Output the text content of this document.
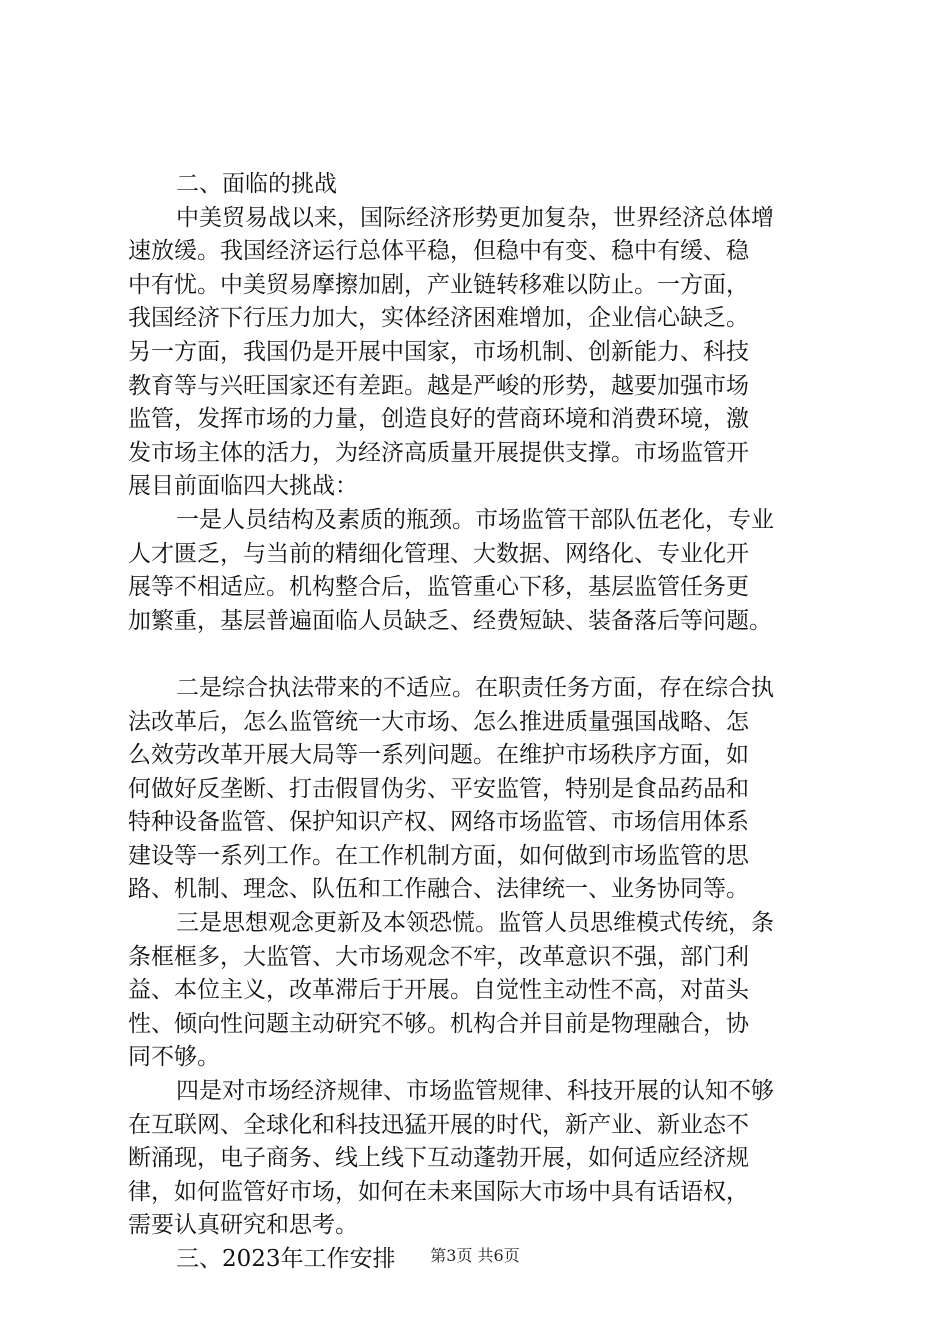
二、面临的挑战
中美贸易战以来，国际经济形势更加复杂，世界经济总体增
速放缓。我国经济运行总体平稳，但稳中有变、稳中有缓、稳
中有忧。中美贸易摩擦加剧，产业链转移难以防止。一方面，
我国经济下行压力加大，实体经济困难增加，企业信心缺乏。
另一方面，我国仍是开展中国家，市场机制、创新能力、科技
教育等与兴旺国家还有差距。越是严峻的形势，越要加强市场
监管，发挥市场的力量，创造良好的营商环境和消费环境，激
发市场主体的活力，为经济高质量开展提供支撑。市场监管开
展目前面临四大挑战：
一是人员结构及素质的瓶颈。市场监管干部队伍老化，专业
人才匮乏，与当前的精细化管理、大数据、网络化、专业化开
展等不相适应。机构整合后，监管重心下移，基层监管任务更
加繁重，基层普遍面临人员缺乏、经费短缺、装备落后等问题。
二是综合执法带来的不适应。在职责任务方面，存在综合执
法改革后，怎么监管统一大市场、怎么推进质量强国战略、怎
么效劳改革开展大局等一系列问题。在维护市场秩序方面，如
何做好反垄断、打击假冒伪劣、平安监管，特别是食品药品和
特种设备监管、保护知识产权、网络市场监管、市场信用体系
建设等一系列工作。在工作机制方面，如何做到市场监管的思
路、机制、理念、队伍和工作融合、法律统一、业务协同等。
三是思想观念更新及本领恐慌。监管人员思维模式传统，条
条框框多，大监管、大市场观念不牢，改革意识不强，部门利
益、本位主义，改革滞后于开展。自觉性主动性不高，对苗头
性、倾向性问题主动研究不够。机构合并目前是物理融合，协
同不够。
四是对市场经济规律、市场监管规律、科技开展的认知不够
在互联网、全球化和科技迅猛开展的时代，新产业、新业态不
断涌现，电子商务、线上线下互动蓬勃开展，如何适应经济规
律，如何监管好市场，如何在未来国际大市场中具有话语权，
需要认真研究和思考。
三、2023年工作安排	第3页 共6页
